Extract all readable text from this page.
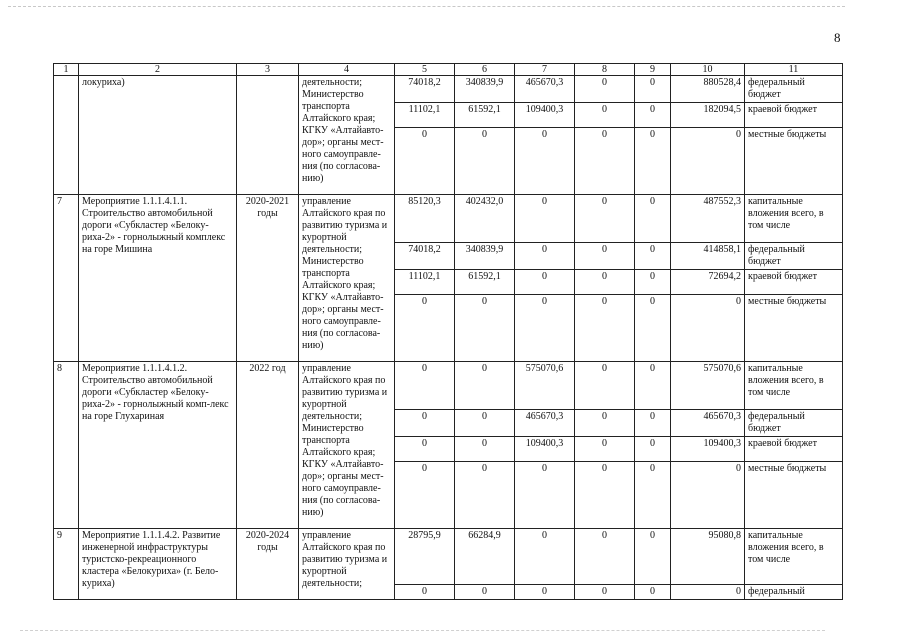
8
1	2	3	4	5	6	7	8	9	10	11
	локуриха)		деятельности; Министерство транспорта Алтайского края; КГКУ «Алтайавто-дор»; органы мест-ного самоуправле-ния (по согласова-нию)	74018,2	340839,9	465670,3	0	0	880528,4	федеральный бюджет
				11102,1	61592,1	109400,3	0	0	182094,5	краевой бюджет
				0	0	0	0	0	0	местные бюджеты
7	Мероприятие 1.1.1.4.1.1. Строительство автомобильной дороги «Субкластер «Белоку-риха-2» - горнолыжный комплекс на горе Мишина	2020-2021 годы	управление Алтайского края по развитию туризма и курортной деятельности; Министерство транспорта Алтайского края; КГКУ «Алтайавто-дор»; органы мест-ного самоуправле-ния (по согласова-нию)	85120,3	402432,0	0	0	0	487552,3	капитальные вложения всего, в том числе
				74018,2	340839,9	0	0	0	414858,1	федеральный бюджет
				11102,1	61592,1	0	0	0	72694,2	краевой бюджет
				0	0	0	0	0	0	местные бюджеты
8	Мероприятие 1.1.1.4.1.2. Строительство автомобильной дороги «Субкластер «Белоку-риха-2» - горнолыжный комп-лекс на горе Глухариная	2022 год	управление Алтайского края по развитию туризма и курортной деятельности; Министерство транспорта Алтайского края; КГКУ «Алтайавто-дор»; органы мест-ного самоуправле-ния (по согласова-нию)	0	0	575070,6	0	0	575070,6	капитальные вложения всего, в том числе
				0	0	465670,3	0	0	465670,3	федеральный бюджет
				0	0	109400,3	0	0	109400,3	краевой бюджет
				0	0	0	0	0	0	местные бюджеты
9	Мероприятие 1.1.1.4.2. Развитие инженерной инфраструктуры туристско-рекреационного кластера «Белокуриха» (г. Бело-куриха)	2020-2024 годы	управление Алтайского края по развитию туризма и курортной деятельности;	28795,9	66284,9	0	0	0	95080,8	капитальные вложения всего, в том числе
				0	0	0	0	0	0	федеральный
